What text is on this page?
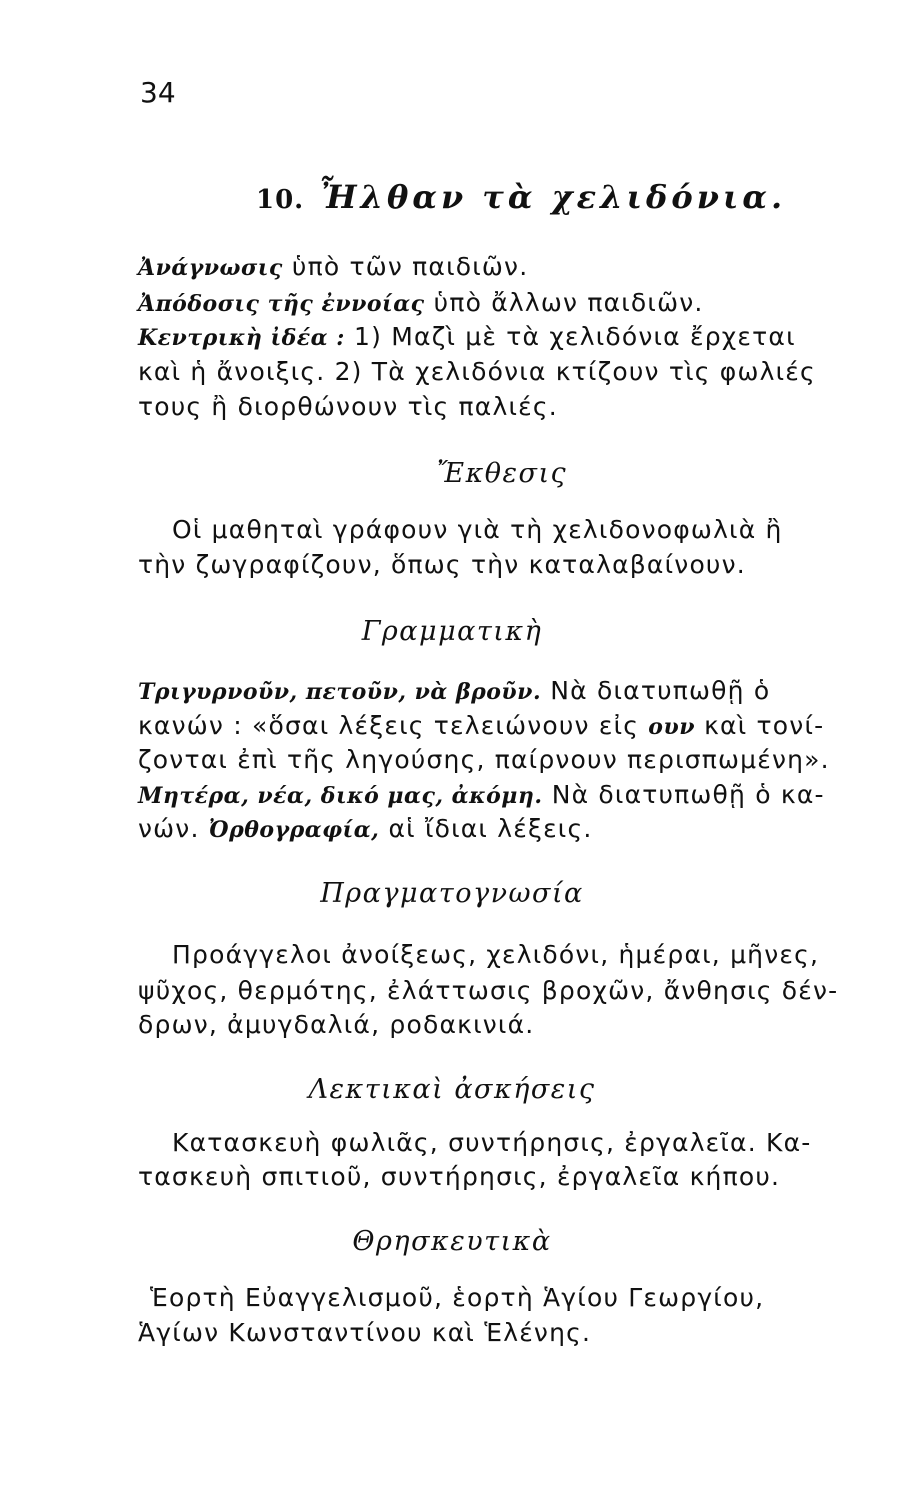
34
10. Ἦλθαν τὰ χελιδόνια.
Ἀνάγνωσις ὑπὸ τῶν παιδιῶν.
Ἀπόδοσις τῆς ἐννοίας ὑπὸ ἄλλων παιδιῶν.
Κεντρικὴ ἰδέα : 1) Μαζὶ μὲ τὰ χελιδόνια ἔρχεται
καὶ ἡ ἄνοιξις. 2) Τὰ χελιδόνια κτίζουν τὶς φωλιές
τους ἢ διορθώνουν τὶς παλιές.
Ἔκθεσις
Οἱ μαθηταὶ γράφουν γιὰ τὴ χελιδονοφωλιὰ ἢ
τὴν ζωγραφίζουν, ὅπως τὴν καταλαβαίνουν.
Γραμματικὴ
Τριγυρνοῦν, πετοῦν, νὰ βροῦν. Νὰ διατυπωθῇ ὁ
κανών : «ὅσαι λέξεις τελειώνουν εἰς ουν καὶ τονί-
ζονται ἐπὶ τῆς ληγούσης, παίρνουν περισπωμένη».
Μητέρα, νέα, δικό μας, ἀκόμη. Νὰ διατυπωθῇ ὁ κα-
νών. Ὀρθογραφία, αἱ ἴδιαι λέξεις.
Πραγματογνωσία
Προάγγελοι ἀνοίξεως, χελιδόνι, ἡμέραι, μῆνες,
ψῦχος, θερμότης, ἐλάττωσις βροχῶν, ἄνθησις δέν-
δρων, ἀμυγδαλιά, ροδακινιά.
Λεκτικαὶ ἀσκήσεις
Κατασκευὴ φωλιᾶς, συντήρησις, ἐργαλεῖα. Κα-
τασκευὴ σπιτιοῦ, συντήρησις, ἐργαλεῖα κήπου.
Θρησκευτικὰ
Ἑορτὴ Εὐαγγελισμοῦ, ἑορτὴ Ἁγίου Γεωργίου,
Ἁγίων Κωνσταντίνου καὶ Ἑλένης.
